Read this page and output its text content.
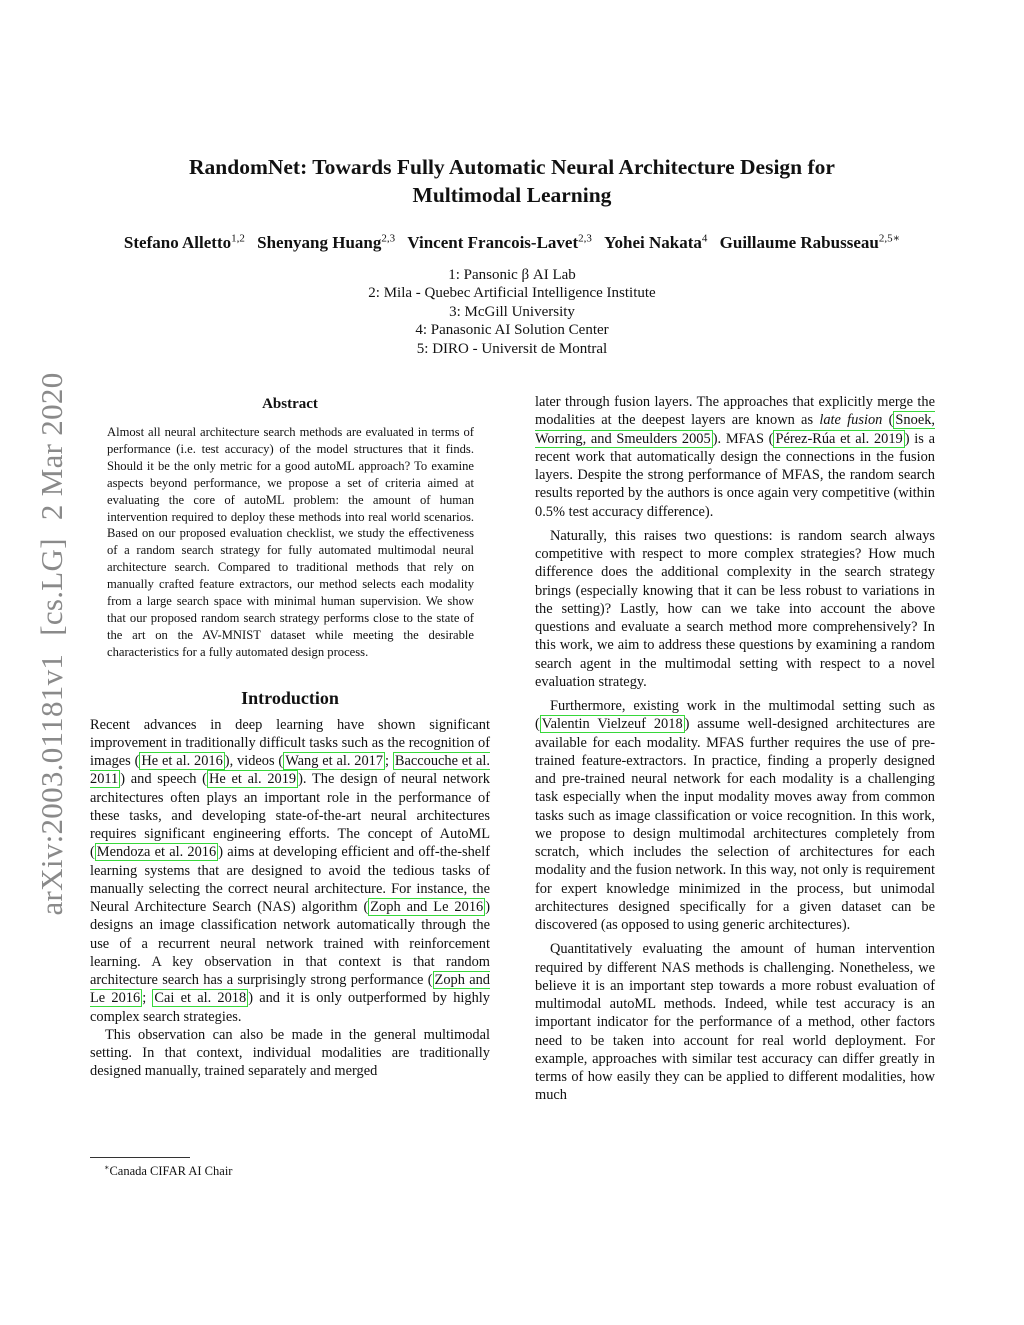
arXiv:2003.01181v1[cs.LG]2 Mar 2020
RandomNet: Towards Fully Automatic Neural Architecture Design for
Multimodal Learning
Stefano Alletto$^{1,2}$ Shenyang Huang$^{2,3}$ Vincent Francois-Lavet$^{2,3}$ Yohei Nakata$^4$ Guillaume Rabusseau$^{2,5∗}$
1: Pansonic β AI Lab
2: Mila - Quebec Artificial Intelligence Institute
3: McGill University
4: Panasonic AI Solution Center
5: DIRO - Universit de Montral
Abstract
Almost all neural architecture search methods are evaluated in terms of performance (i.e. test accuracy) of the model structures that it finds. Should it be the only metric for a good autoML approach? To examine aspects beyond performance, we propose a set of criteria aimed at evaluating the core of autoML problem: the amount of human intervention required to deploy these methods into real world scenarios. Based on our proposed evaluation checklist, we study the effectiveness of a random search strategy for fully automated multimodal neural architecture search. Compared to traditional methods that rely on manually crafted feature extractors, our method selects each modality from a large search space with minimal human supervision. We show that our proposed random search strategy performs close to the state of the art on the AV-MNIST dataset while meeting the desirable characteristics for a fully automated design process.
Introduction

Recent advances in deep learning have shown significant improvement in traditionally difficult tasks such as the recognition of images ( He et al. 2016 ), videos ( Wang et al. 2017 ; Baccouche et al. 2011 ) and speech ( He et al. 2019 ). The design of neural network architectures often plays an important role in the performance of these tasks, and developing state-of-the-art neural architectures requires significant engineering efforts. The concept of AutoML ( Mendoza et al. 2016 ) aims at developing efficient and off-the-shelf learning systems that are designed to avoid the tedious tasks of manually selecting the correct neural architecture. For instance, the Neural Architecture Search (NAS) algorithm ( Zoph and Le 2016 ) designs an image classification network automatically through the use of a recurrent neural network trained with reinforcement learning. A key observation in that context is that random architecture search has a surprisingly strong performance ( Zoph and Le 2016 ; Cai et al. 2018 ) and it is only outperformed by highly complex search strategies.

This observation can also be made in the general multimodal setting. In that context, individual modalities are traditionally designed manually, trained separately and merged

later through fusion layers. The approaches that explicitly merge the modalities at the deepest layers are known as late fusion ( Snoek, Worring, and Smeulders 2005 ). MFAS ( Pérez-Rúa et al. 2019 ) is a recent work that automatically design the connections in the fusion layers. Despite the strong performance of MFAS, the random search results reported by the authors is once again very competitive (within 0.5% test accuracy difference).

Naturally, this raises two questions: is random search always competitive with respect to more complex strategies? How much difference does the additional complexity in the search strategy brings (especially knowing that it can be less robust to variations in the setting)? Lastly, how can we take into account the above questions and evaluate a search method more comprehensively? In this work, we aim to address these questions by examining a random search agent in the multimodal setting with respect to a novel evaluation strategy.

Furthermore, existing work in the multimodal setting such as ( Valentin Vielzeuf 2018 ) assume well-designed architectures are available for each modality. MFAS further requires the use of pre-trained feature-extractors. In practice, finding a properly designed and pre-trained neural network for each modality is a challenging task especially when the input modality moves away from common tasks such as image classification or voice recognition. In this work, we propose to design multimodal architectures completely from scratch, which includes the selection of architectures for each modality and the fusion network. In this way, not only is requirement for expert knowledge minimized in the process, but unimodal architectures designed specifically for a given dataset can be discovered (as opposed to using generic architectures).

Quantitatively evaluating the amount of human intervention required by different NAS methods is challenging. Nonetheless, we believe it is an important step towards a more robust evaluation of multimodal autoML methods. Indeed, while test accuracy is an important indicator for the performance of a method, other factors need to be taken into account for real world deployment. For example, approaches with similar test accuracy can differ greatly in terms of how easily they can be applied to different modalities, how much

∗Canada CIFAR AI Chair
